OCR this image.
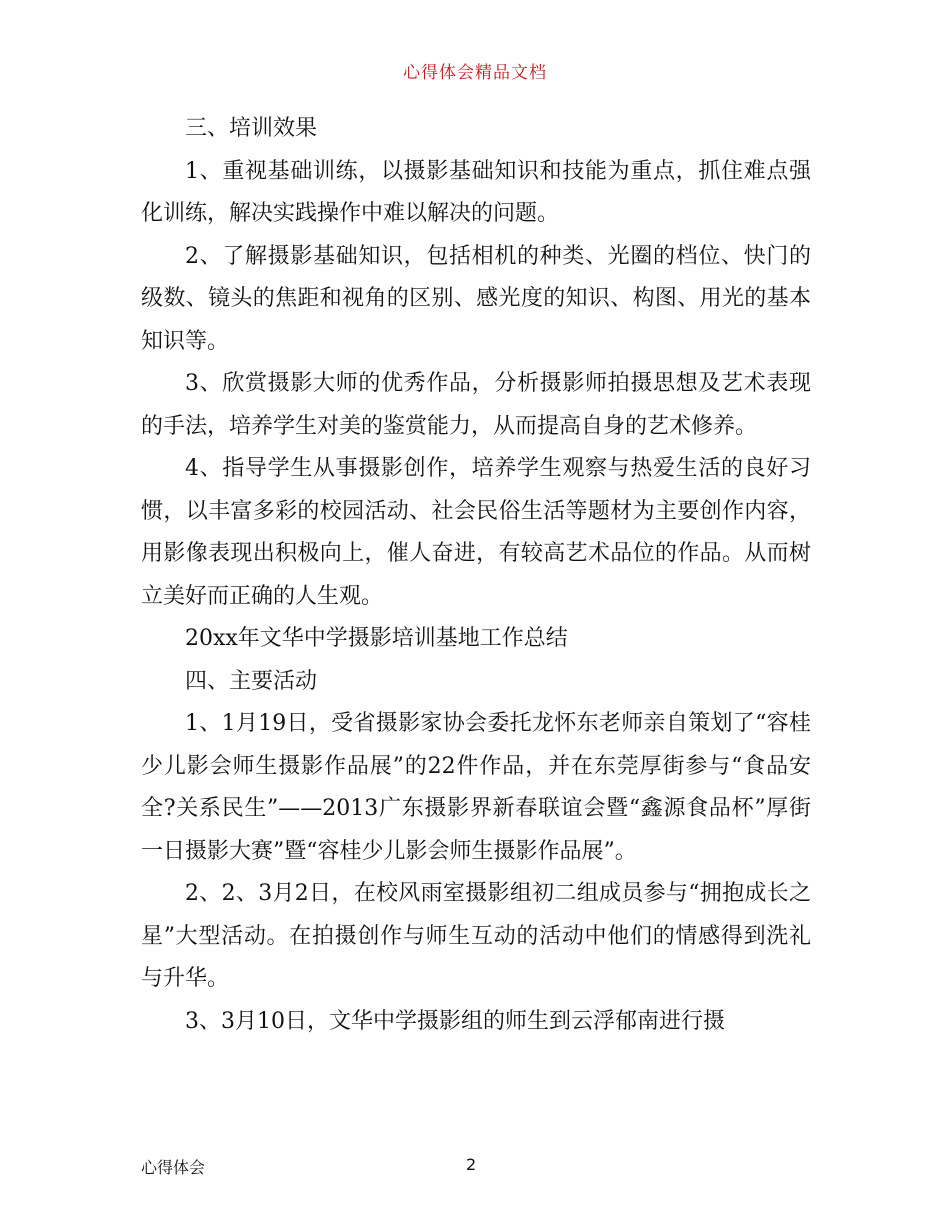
心得体会精品文档

三、培训效果

1、重视基础训练，以摄影基础知识和技能为重点，抓住难点强化训练，解决实践操作中难以解决的问题。

2、了解摄影基础知识，包括相机的种类、光圈的档位、快门的级数、镜头的焦距和视角的区别、感光度的知识、构图、用光的基本知识等。

3、欣赏摄影大师的优秀作品，分析摄影师拍摄思想及艺术表现的手法，培养学生对美的鉴赏能力，从而提高自身的艺术修养。

4、指导学生从事摄影创作，培养学生观察与热爱生活的良好习惯，以丰富多彩的校园活动、社会民俗生活等题材为主要创作内容，用影像表现出积极向上，催人奋进，有较高艺术品位的作品。从而树立美好而正确的人生观。

20xx年文华中学摄影培训基地工作总结

四、主要活动

1、1月19日，受省摄影家协会委托龙怀东老师亲自策划了“容桂少儿影会师生摄影作品展”的22件作品，并在东莞厚街参与“食品安全?关系民生”——2013广东摄影界新春联谊会暨“鑫源食品杯”厚街一日摄影大赛”暨“容桂少儿影会师生摄影作品展”。

2、2、3月2日，在校风雨室摄影组初二组成员参与“拥抱成长之星”大型活动。在拍摄创作与师生互动的活动中他们的情感得到洗礼与升华。

3、3月10日，文华中学摄影组的师生到云浮郁南进行摄

心得体会	2
